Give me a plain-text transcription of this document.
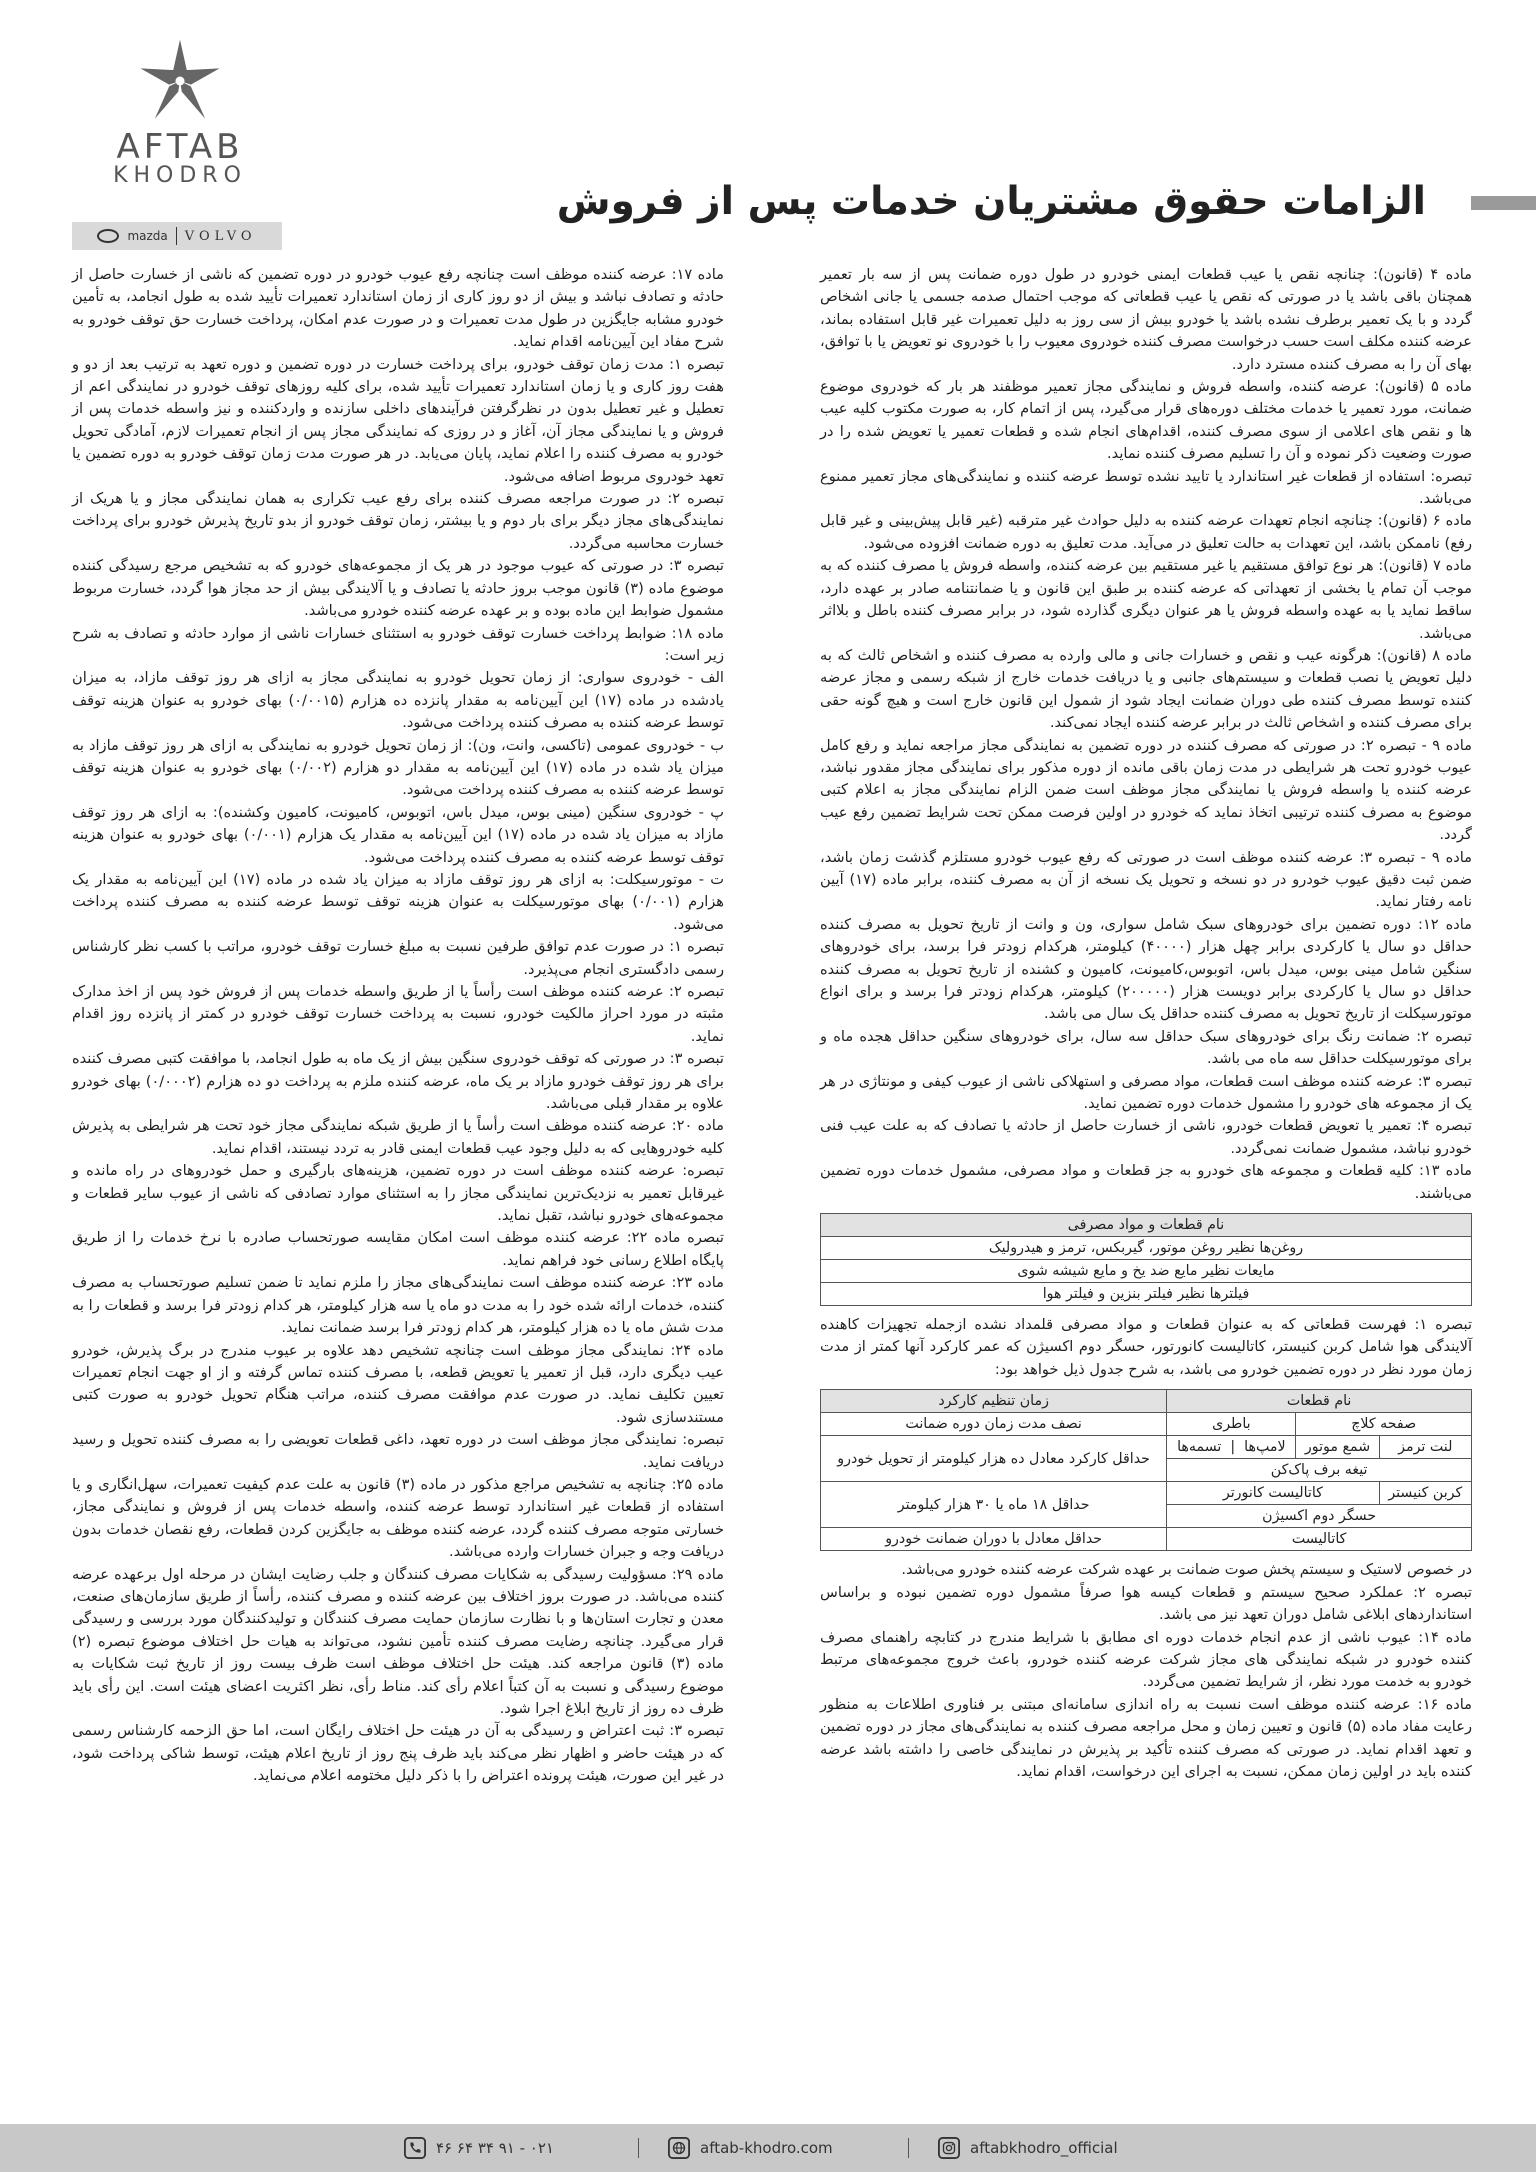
AFTAB
KHODRO
mazda VOLVO
الزامات حقوق مشتریان خدمات پس از فروش

ماده ۴ (قانون): چنانچه نقص یا عیب قطعات ایمنی خودرو در طول دوره ضمانت پس از سه بار تعمیر همچنان باقی باشد یا در صورتی که نقص یا عیب قطعاتی که موجب احتمال صدمه جسمی یا جانی اشخاص گردد و با یک تعمیر برطرف نشده باشد یا خودرو بیش از سی روز به دلیل تعمیرات غیر قابل استفاده بماند، عرضه کننده مکلف است حسب درخواست مصرف کننده خودروی معیوب را با خودروی نو تعویض یا با توافق، بهای آن را به مصرف کننده مسترد دارد.

ماده ۵ (قانون): عرضه کننده، واسطه فروش و نمایندگی مجاز تعمیر موظفند هر بار که خودروی موضوع ضمانت، مورد تعمیر یا خدمات مختلف دوره‌های قرار می‌گیرد، پس از اتمام کار، به صورت مکتوب کلیه عیب ها و نقص های اعلامی از سوی مصرف کننده، اقدام‌های انجام شده و قطعات تعمیر یا تعویض شده را در صورت وضعیت ذکر نموده و آن را تسلیم مصرف کننده نماید.

تبصره: استفاده از قطعات غیر استاندارد یا تایید نشده توسط عرضه کننده و نمایندگی‌های مجاز تعمیر ممنوع می‌باشد.

ماده ۶ (قانون): چنانچه انجام تعهدات عرضه کننده به دلیل حوادث غیر مترقبه (غیر قابل پیش‌بینی و غیر قابل رفع) ناممکن باشد، این تعهدات به حالت تعلیق در می‌آید. مدت تعلیق به دوره ضمانت افزوده می‌شود.

ماده ۷ (قانون): هر نوع توافق مستقیم یا غیر مستقیم بین عرضه کننده، واسطه فروش یا مصرف کننده که به موجب آن تمام یا بخشی از تعهداتی که عرضه کننده بر طبق این قانون و یا ضمانتنامه صادر بر عهده دارد، ساقط نماید یا به عهده واسطه فروش یا هر عنوان دیگری گذارده شود، در برابر مصرف کننده باطل و بلااثر می‌باشد.

ماده ۸ (قانون): هرگونه عیب و نقص و خسارات جانی و مالی وارده به مصرف کننده و اشخاص ثالث که به دلیل تعویض یا نصب قطعات و سیستم‌های جانبی و یا دریافت خدمات خارج از شبکه رسمی و مجاز عرضه کننده توسط مصرف کننده طی دوران ضمانت ایجاد شود از شمول این قانون خارج است و هیچ گونه حقی برای مصرف کننده و اشخاص ثالث در برابر عرضه کننده ایجاد نمی‌کند.

ماده ۹ - تبصره ۲: در صورتی که مصرف کننده در دوره تضمین به نمایندگی مجاز مراجعه نماید و رفع کامل عیوب خودرو تحت هر شرایطی در مدت زمان باقی مانده از دوره مذکور برای نمایندگی مجاز مقدور نباشد، عرضه کننده یا واسطه فروش یا نمایندگی مجاز موظف است ضمن الزام نمایندگی مجاز به اعلام کتبی موضوع به مصرف کننده ترتیبی اتخاذ نماید که خودرو در اولین فرصت ممکن تحت شرایط تضمین رفع عیب گردد.

ماده ۹ - تبصره ۳: عرضه کننده موظف است در صورتی که رفع عیوب خودرو مستلزم گذشت زمان باشد، ضمن ثبت دقیق عیوب خودرو در دو نسخه و تحویل یک نسخه از آن به مصرف کننده، برابر ماده (۱۷) آیین نامه رفتار نماید.

ماده ۱۲: دوره تضمین برای خودروهای سبک شامل سواری، ون و وانت از تاریخ تحویل به مصرف کننده حداقل دو سال یا کارکردی برابر چهل هزار (۴۰۰۰۰) کیلومتر، هرکدام زودتر فرا برسد، برای خودروهای سنگین شامل مینی بوس، میدل باس، اتوبوس،کامیونت، کامیون و کشنده از تاریخ تحویل به مصرف کننده حداقل دو سال یا کارکردی برابر دویست هزار (۲۰۰۰۰۰) کیلومتر، هرکدام زودتر فرا برسد و برای انواع موتورسیکلت از تاریخ تحویل به مصرف کننده حداقل یک سال می باشد.

تبصره ۲: ضمانت رنگ برای خودروهای سبک حداقل سه سال، برای خودروهای سنگین حداقل هجده ماه و برای موتورسیکلت حداقل سه ماه می باشد.

تبصره ۳: عرضه کننده موظف است قطعات، مواد مصرفی و استهلاکی ناشی از عیوب کیفی و مونتاژی در هر یک از مجموعه های خودرو را مشمول خدمات دوره تضمین نماید.

تبصره ۴: تعمیر یا تعویض قطعات خودرو، ناشی از خسارت حاصل از حادثه یا تصادف که به علت عیب فنی خودرو نباشد، مشمول ضمانت نمی‌گردد.

ماده ۱۳: کلیه قطعات و مجموعه های خودرو به جز قطعات و مواد مصرفی، مشمول خدمات دوره تضمین می‌باشند.

نام قطعات و مواد مصرفی
روغن‌ها نظیر روغن موتور، گیربکس، ترمز و هیدرولیک
مایعات نظیر مایع ضد یخ و مایع شیشه شوی
فیلترها نظیر فیلتر بنزین و فیلتر هوا

تبصره ۱: فهرست قطعاتی که به عنوان قطعات و مواد مصرفی قلمداد نشده ازجمله تجهیزات کاهنده آلایندگی هوا شامل کربن کنیستر، کاتالیست کانورتور، حسگر دوم اکسیژن که عمر کارکرد آنها کمتر از مدت زمان مورد نظر در دوره تضمین خودرو می باشد، به شرح جدول ذیل خواهد بود:

نام قطعات			زمان تنظیم کارکرد
صفحه کلاچ		باطری	نصف مدت زمان دوره ضمانت
لنت ترمز	شمع موتور	لامپ‌ها  |  تسمه‌ها	حداقل کارکرد معادل ده هزار کیلومتر از تحویل خودرو
تیغه برف پاک‌کن			
کربن کنیستر	کاتالیست کانورتر		حداقل ۱۸ ماه یا ۳۰ هزار کیلومتر
حسگر دوم اکسیژن			
کاتالیست			حداقل معادل با دوران ضمانت خودرو

در خصوص لاستیک و سیستم پخش صوت ضمانت بر عهده شرکت عرضه کننده خودرو می‌باشد.

تبصره ۲: عملکرد صحیح سیستم و قطعات کیسه هوا صرفاً مشمول دوره تضمین نبوده و براساس استانداردهای ابلاغی شامل دوران تعهد نیز می باشد.

ماده ۱۴: عیوب ناشی از عدم انجام خدمات دوره ای مطابق با شرایط مندرج در کتابچه راهنمای مصرف کننده خودرو در شبکه نمایندگی های مجاز شرکت عرضه کننده خودرو، باعث خروج مجموعه‌های مرتبط خودرو به خدمت مورد نظر، از شرایط تضمین می‌گردد.

ماده ۱۶: عرضه کننده موظف است نسبت به راه اندازی سامانه‌ای مبتنی بر فناوری اطلاعات به منظور رعایت مفاد ماده (۵) قانون و تعیین زمان و محل مراجعه مصرف کننده به نمایندگی‌های مجاز در دوره تضمین و تعهد اقدام نماید. در صورتی که مصرف کننده تأکید بر پذیرش در نمایندگی خاصی را داشته باشد عرضه کننده باید در اولین زمان ممکن، نسبت به اجرای این درخواست، اقدام نماید.

ماده ۱۷: عرضه کننده موظف است چنانچه رفع عیوب خودرو در دوره تضمین که ناشی از خسارت حاصل از حادثه و تصادف نباشد و بیش از دو روز کاری از زمان استاندارد تعمیرات تأیید شده به طول انجامد، به تأمین خودرو مشابه جایگزین در طول مدت تعمیرات و در صورت عدم امکان، پرداخت خسارت حق توقف خودرو به شرح مفاد این آیین‌نامه اقدام نماید.

تبصره ۱: مدت زمان توقف خودرو، برای پرداخت خسارت در دوره تضمین و دوره تعهد به ترتیب بعد از دو و هفت روز کاری و یا زمان استاندارد تعمیرات تأیید شده، برای کلیه روزهای توقف خودرو در نمایندگی اعم از تعطیل و غیر تعطیل بدون در نظرگرفتن فرآیندهای داخلی سازنده و واردکننده و نیز واسطه خدمات پس از فروش و یا نمایندگی مجاز آن، آغاز و در روزی که نمایندگی مجاز پس از انجام تعمیرات لازم، آمادگی تحویل خودرو به مصرف کننده را اعلام نماید، پایان می‌یابد. در هر صورت مدت زمان توقف خودرو به دوره تضمین یا تعهد خودروی مربوط اضافه می‌شود.

تبصره ۲: در صورت مراجعه مصرف کننده برای رفع عیب تکراری به همان نمایندگی مجاز و یا هریک از نمایندگی‌های مجاز دیگر برای بار دوم و یا بیشتر، زمان توقف خودرو از بدو تاریخ پذیرش خودرو برای پرداخت خسارت محاسبه می‌گردد.

تبصره ۳: در صورتی که عیوب موجود در هر یک از مجموعه‌های خودرو که به تشخیص مرجع رسیدگی کننده موضوع ماده (۳) قانون موجب بروز حادثه یا تصادف و یا آلایندگی بیش از حد مجاز هوا گردد، خسارت مربوط مشمول ضوابط این ماده بوده و بر عهده عرضه کننده خودرو می‌باشد.

ماده ۱۸: ضوابط پرداخت خسارت توقف خودرو به استثنای خسارات ناشی از موارد حادثه و تصادف به شرح زیر است:

الف - خودروی سواری: از زمان تحویل خودرو به نمایندگی مجاز به ازای هر روز توقف مازاد، به میزان یادشده در ماده (۱۷) این آیین‌نامه به مقدار پانزده ده هزارم (۰/۰۰۱۵) بهای خودرو به عنوان هزینه توقف توسط عرضه کننده به مصرف کننده پرداخت می‌شود.

ب - خودروی عمومی (تاکسی، وانت، ون): از زمان تحویل خودرو به نمایندگی به ازای هر روز توقف مازاد به میزان یاد شده در ماده (۱۷) این آیین‌نامه به مقدار دو هزارم (۰/۰۰۲) بهای خودرو به عنوان هزینه توقف توسط عرضه کننده به مصرف کننده پرداخت می‌شود.

پ - خودروی سنگین (مینی بوس، میدل باس، اتوبوس، کامیونت، کامیون وکشنده): به ازای هر روز توقف مازاد به میزان یاد شده در ماده (۱۷) این آیین‌نامه به مقدار یک هزارم (۰/۰۰۱) بهای خودرو به عنوان هزینه توقف توسط عرضه کننده به مصرف کننده پرداخت می‌شود.

ت - موتورسیکلت: به ازای هر روز توقف مازاد به میزان یاد شده در ماده (۱۷) این آیین‌نامه به مقدار یک هزارم (۰/۰۰۱) بهای موتورسیکلت به عنوان هزینه توقف توسط عرضه کننده به مصرف کننده پرداخت می‌شود.

تبصره ۱: در صورت عدم توافق طرفین نسبت به مبلغ خسارت توقف خودرو، مراتب با کسب نظر کارشناس رسمی دادگستری انجام می‌پذیرد.

تبصره ۲: عرضه کننده موظف است رأساً یا از طریق واسطه خدمات پس از فروش خود پس از اخذ مدارک مثبته در مورد احراز مالکیت خودرو، نسبت به پرداخت خسارت توقف خودرو در کمتر از پانزده روز اقدام نماید.

تبصره ۳: در صورتی که توقف خودروی سنگین بیش از یک ماه به طول انجامد، با موافقت کتبی مصرف کننده برای هر روز توقف خودرو مازاد بر یک ماه، عرضه کننده ملزم به پرداخت دو ده هزارم (۰/۰۰۰۲) بهای خودرو علاوه بر مقدار قبلی می‌باشد.

ماده ۲۰: عرضه کننده موظف است رأساً یا از طریق شبکه نمایندگی مجاز خود تحت هر شرایطی به پذیرش کلیه خودروهایی که به دلیل وجود عیب قطعات ایمنی قادر به تردد نیستند، اقدام نماید.

تبصره: عرضه کننده موظف است در دوره تضمین، هزینه‌های بارگیری و حمل خودروهای در راه مانده و غیرقابل تعمیر به نزدیک‌ترین نمایندگی مجاز را به استثنای موارد تصادفی که ناشی از عیوب سایر قطعات و مجموعه‌های خودرو نباشد، تقبل نماید.

تبصره ماده ۲۲: عرضه کننده موظف است امکان مقایسه صورتحساب صادره با نرخ خدمات را از طریق پایگاه اطلاع رسانی خود فراهم نماید.

ماده ۲۳: عرضه کننده موظف است نمایندگی‌های مجاز را ملزم نماید تا ضمن تسلیم صورتحساب به مصرف کننده، خدمات ارائه شده خود را به مدت دو ماه یا سه هزار کیلومتر، هر کدام زودتر فرا برسد و قطعات را به مدت شش ماه یا ده هزار کیلومتر، هر کدام زودتر فرا برسد ضمانت نماید.

ماده ۲۴: نمایندگی مجاز موظف است چنانچه تشخیص دهد علاوه بر عیوب مندرج در برگ پذیرش، خودرو عیب دیگری دارد، قبل از تعمیر یا تعویض قطعه، با مصرف کننده تماس گرفته و از او جهت انجام تعمیرات تعیین تکلیف نماید. در صورت عدم موافقت مصرف کننده، مراتب هنگام تحویل خودرو به صورت کتبی مستندسازی شود.

تبصره: نمایندگی مجاز موظف است در دوره تعهد، داغی قطعات تعویضی را به مصرف کننده تحویل و رسید دریافت نماید.

ماده ۲۵: چنانچه به تشخیص مراجع مذکور در ماده (۳) قانون به علت عدم کیفیت تعمیرات، سهل‌انگاری و یا استفاده از قطعات غیر استاندارد توسط عرضه کننده، واسطه خدمات پس از فروش و نمایندگی مجاز، خسارتی متوجه مصرف کننده گردد، عرضه کننده موظف به جایگزین کردن قطعات، رفع نقصان خدمات بدون دریافت وجه و جبران خسارات وارده می‌باشد.

ماده ۲۹: مسؤولیت رسیدگی به شکایات مصرف کنندگان و جلب رضایت ایشان در مرحله اول برعهده عرضه کننده می‌باشد. در صورت بروز اختلاف بین عرضه کننده و مصرف کننده، رأساً از طریق سازمان‌های صنعت، معدن و تجارت استان‌ها و با نظارت سازمان حمایت مصرف کنندگان و تولیدکنندگان مورد بررسی و رسیدگی قرار می‌گیرد. چنانچه رضایت مصرف کننده تأمین نشود، می‌تواند به هیات حل اختلاف موضوع تبصره (۲) ماده (۳) قانون مراجعه کند. هیئت حل اختلاف موظف است ظرف بیست روز از تاریخ ثبت شکایات به موضوع رسیدگی و نسبت به آن کتباً اعلام رأی کند. مناط رأی، نظر اکثریت اعضای هیئت است. این رأی باید ظرف ده روز از تاریخ ابلاغ اجرا شود.

تبصره ۳: ثبت اعتراض و رسیدگی به آن در هیئت حل اختلاف رایگان است، اما حق الزحمه کارشناس رسمی که در هیئت حاضر و اظهار نظر می‌کند باید ظرف پنج روز از تاریخ اعلام هیئت، توسط شاکی پرداخت شود، در غیر این صورت، هیئت پرونده اعتراض را با ذکر دلیل مختومه اعلام می‌نماید.

۰۲۱ - ۹۱ ۳۴ ۶۴ ۴۶	aftab-khodro.com	aftabkhodro_official
